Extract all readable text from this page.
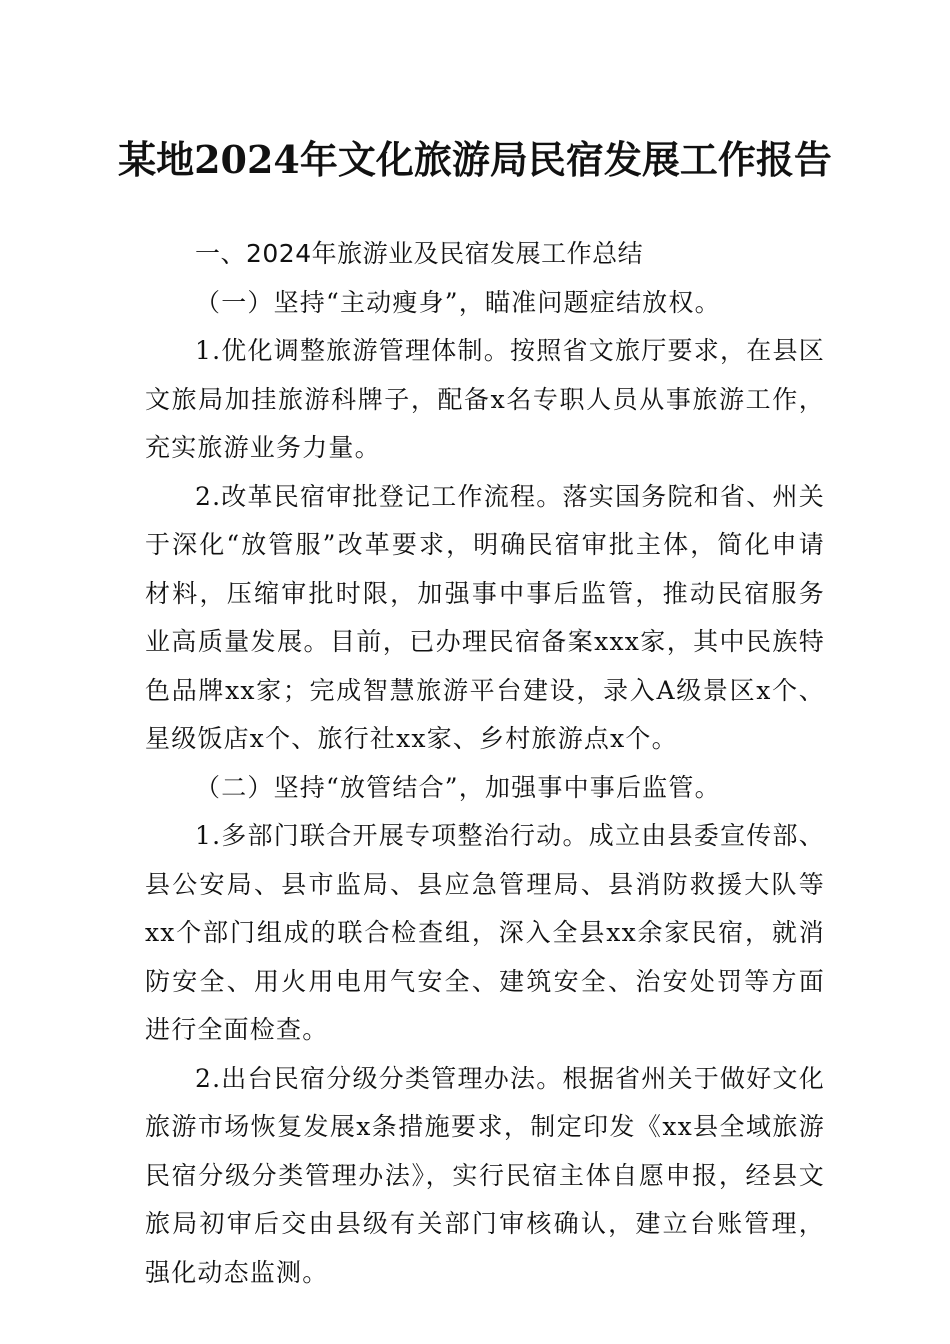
某地2024年文化旅游局民宿发展工作报告

一、2024年旅游业及民宿发展工作总结

（一）坚持“主动瘦身”，瞄准问题症结放权。

1.优化调整旅游管理体制。按照省文旅厅要求，在县区文旅局加挂旅游科牌子，配备x名专职人员从事旅游工作，充实旅游业务力量。

2.改革民宿审批登记工作流程。落实国务院和省、州关于深化“放管服”改革要求，明确民宿审批主体，简化申请材料，压缩审批时限，加强事中事后监管，推动民宿服务业高质量发展。目前，已办理民宿备案xxx家，其中民族特色品牌xx家；完成智慧旅游平台建设，录入A级景区x个、星级饭店x个、旅行社xx家、乡村旅游点x个。

（二）坚持“放管结合”，加强事中事后监管。

1.多部门联合开展专项整治行动。成立由县委宣传部、县公安局、县市监局、县应急管理局、县消防救援大队等xx个部门组成的联合检查组，深入全县xx余家民宿，就消防安全、用火用电用气安全、建筑安全、治安处罚等方面进行全面检查。

2.出台民宿分级分类管理办法。根据省州关于做好文化旅游市场恢复发展x条措施要求，制定印发《xx县全域旅游民宿分级分类管理办法》，实行民宿主体自愿申报，经县文旅局初审后交由县级有关部门审核确认，建立台账管理，强化动态监测。
